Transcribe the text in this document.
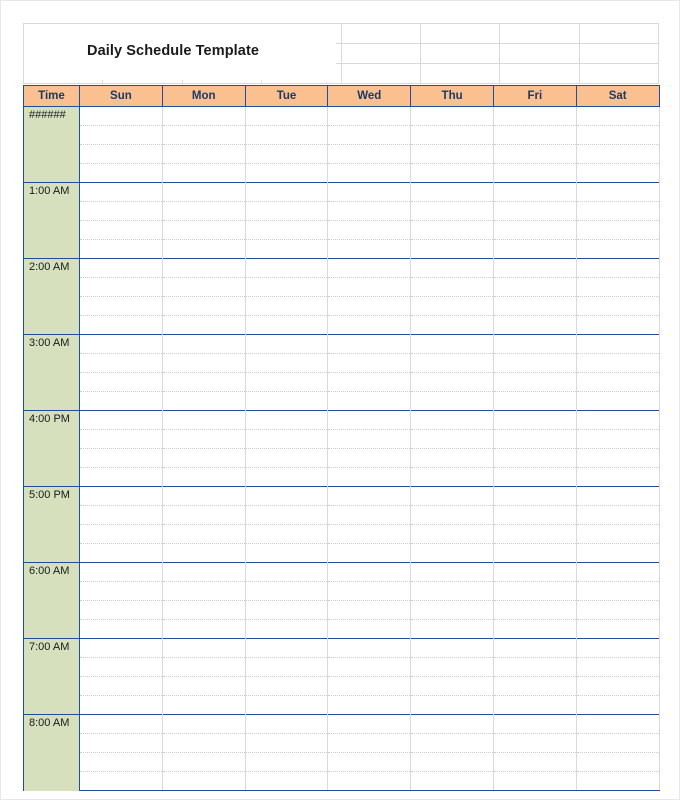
Daily Schedule Template
Time	Sun	Mon	Tue	Wed	Thu	Fri	Sat
######							

1:00 AM							

2:00 AM							

3:00 AM							

4:00 PM							

5:00 PM							

6:00 AM							

7:00 AM							

8:00 AM							
